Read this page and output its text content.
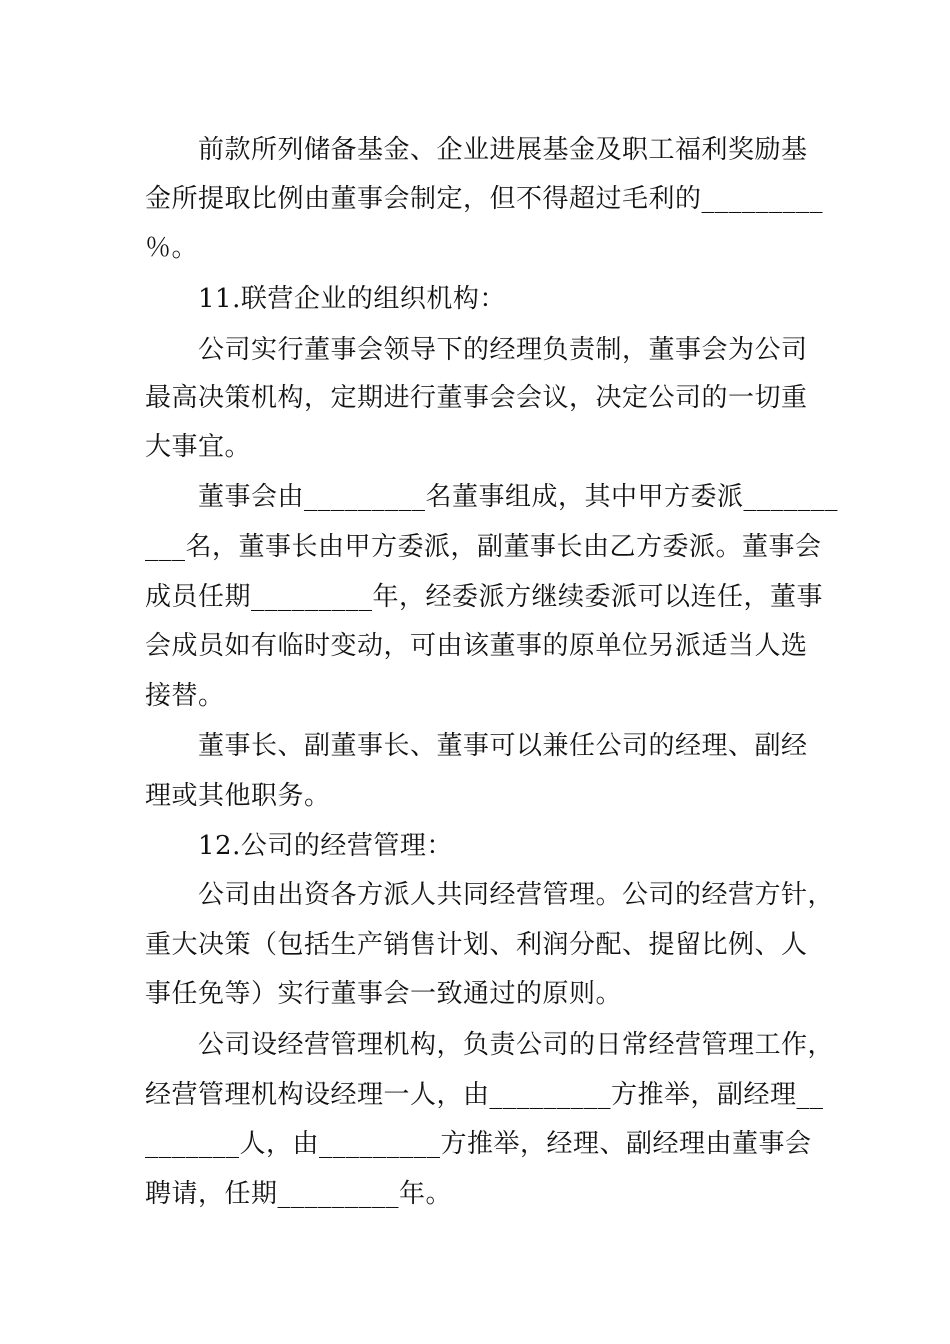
前款所列储备基金、企业进展基金及职工福利奖励基
金所提取比例由董事会制定，但不得超过毛利的_________
％。
11.联营企业的组织机构：
公司实行董事会领导下的经理负责制，董事会为公司
最高决策机构，定期进行董事会会议，决定公司的一切重
大事宜。
董事会由_________名董事组成，其中甲方委派_______
___名，董事长由甲方委派，副董事长由乙方委派。董事会
成员任期_________年，经委派方继续委派可以连任，董事
会成员如有临时变动，可由该董事的原单位另派适当人选
接替。
董事长、副董事长、董事可以兼任公司的经理、副经
理或其他职务。
12.公司的经营管理：
公司由出资各方派人共同经营管理。公司的经营方针，
重大决策（包括生产销售计划、利润分配、提留比例、人
事任免等）实行董事会一致通过的原则。
公司设经营管理机构，负责公司的日常经营管理工作，
经营管理机构设经理一人，由_________方推举，副经理__
_______人，由_________方推举，经理、副经理由董事会
聘请，任期_________年。
